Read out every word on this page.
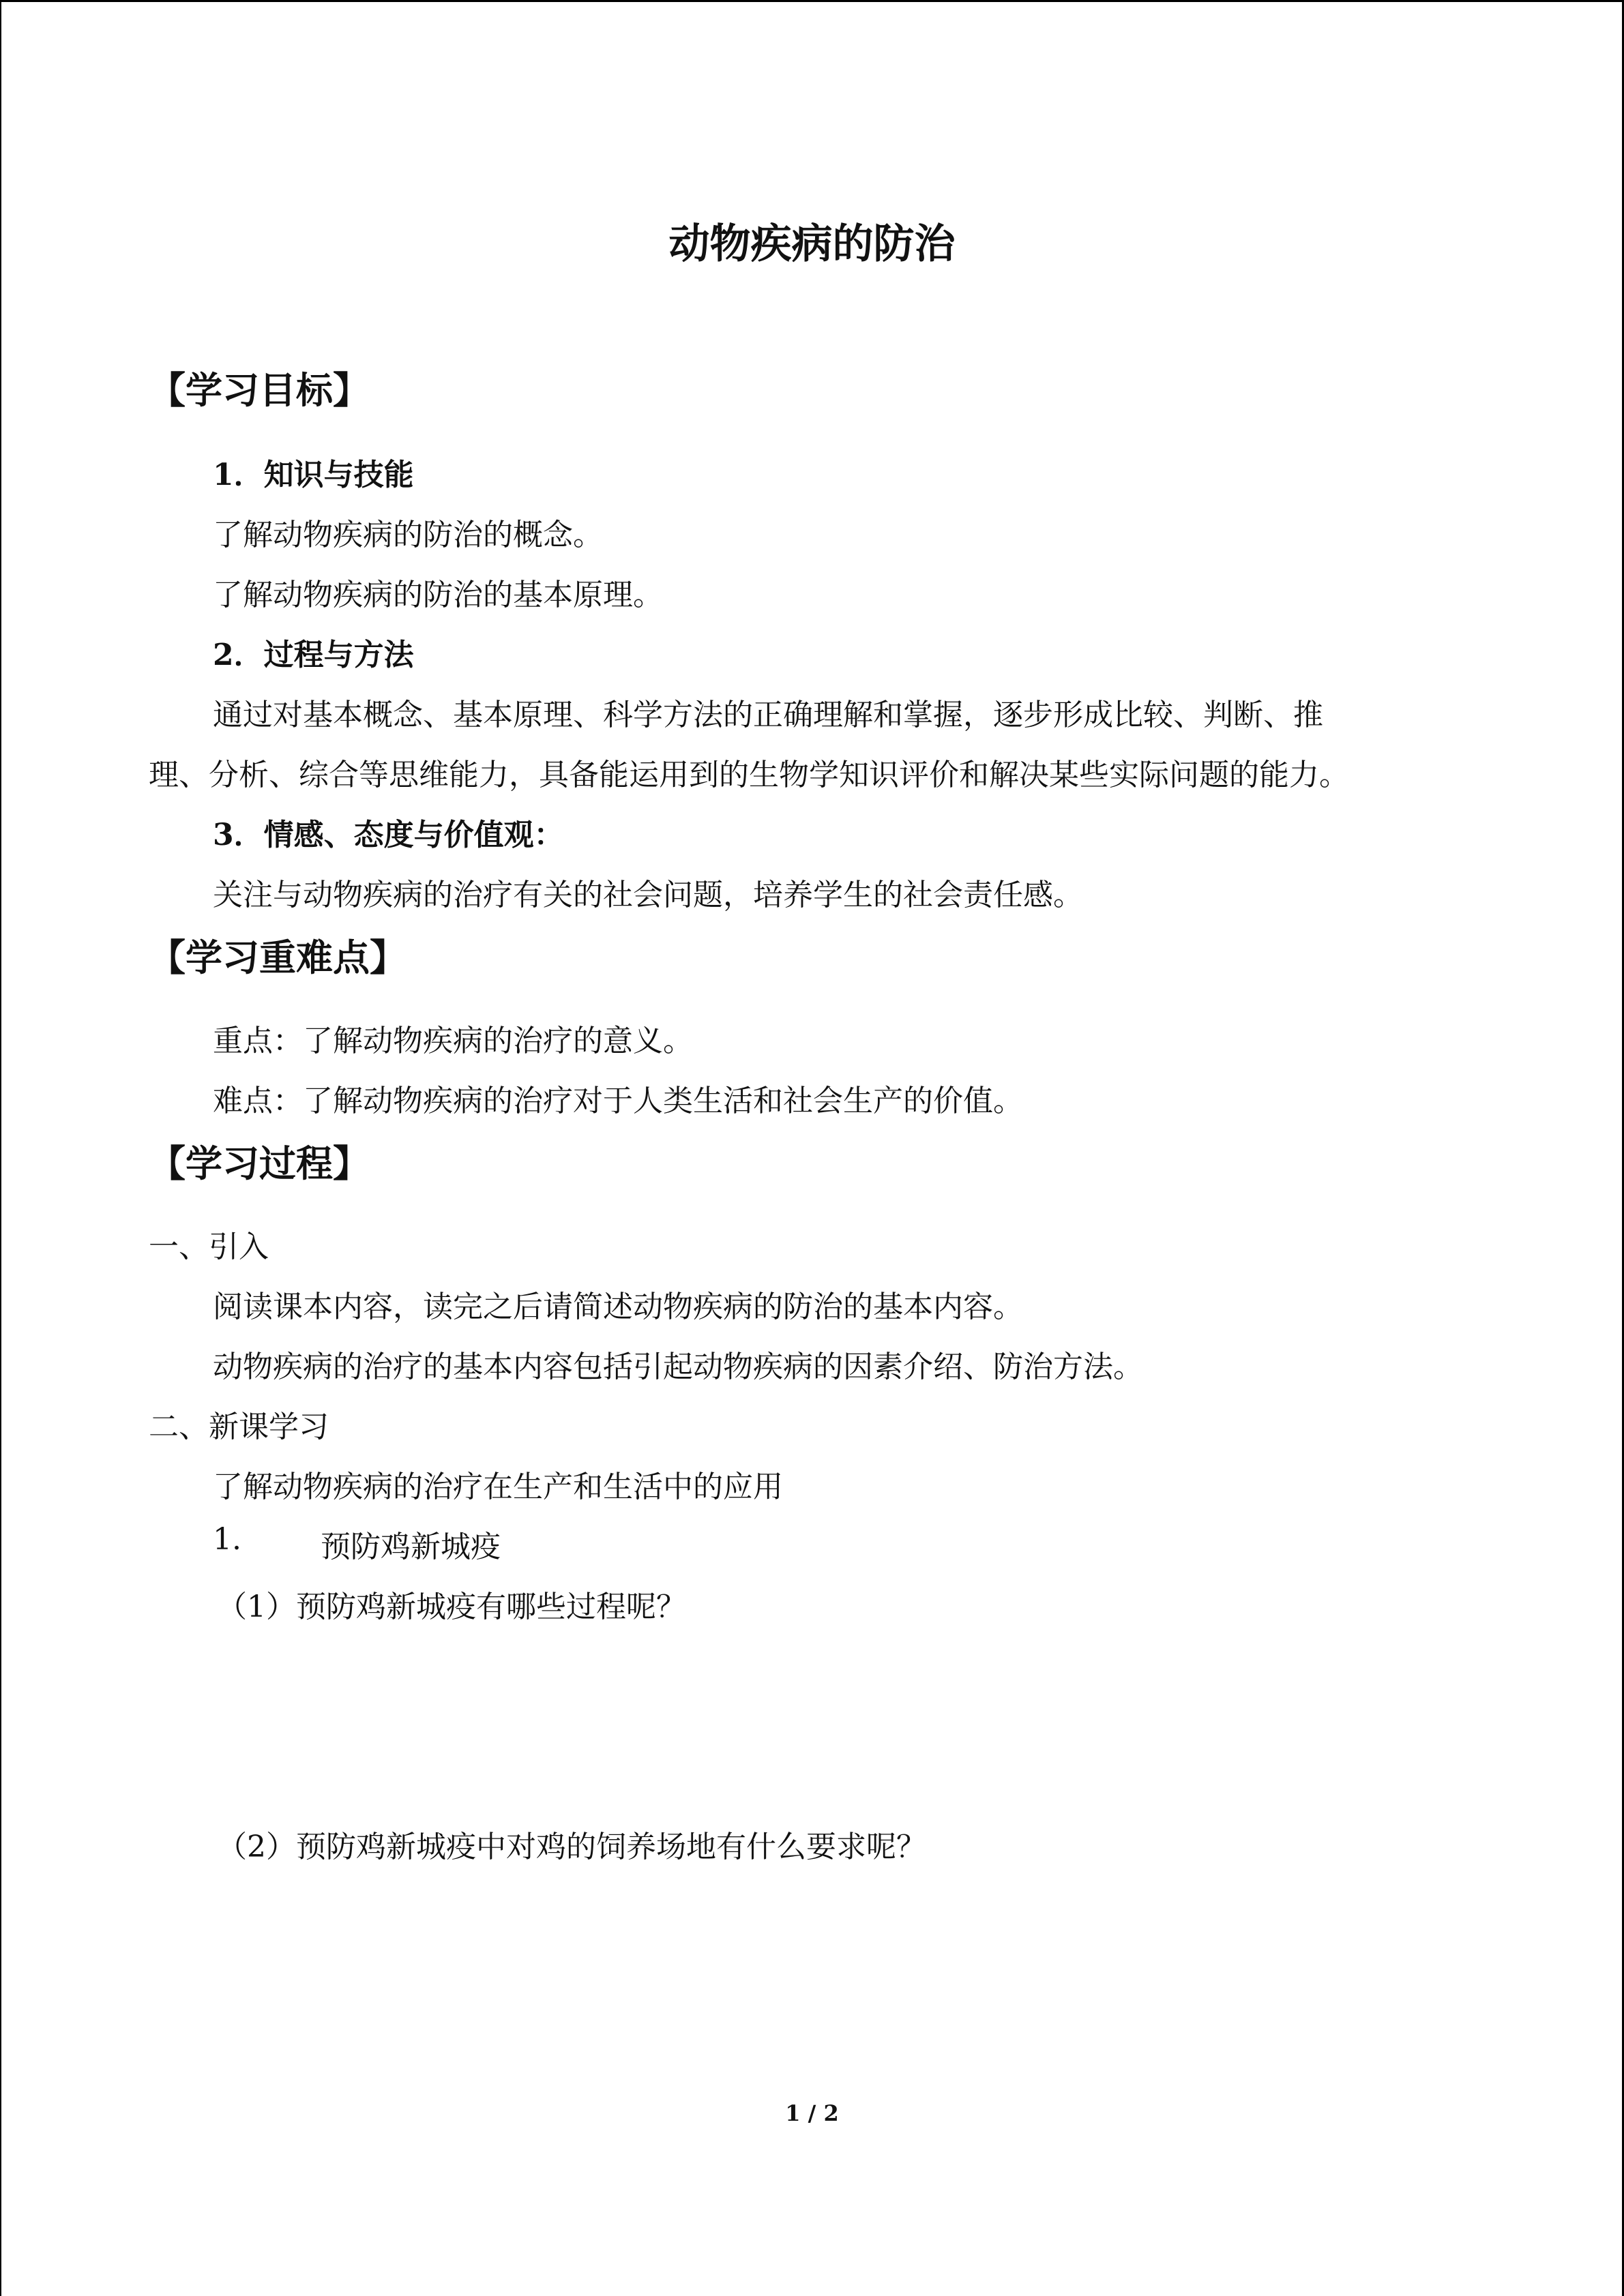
动物疾病的防治
【学习目标】
1．知识与技能
了解动物疾病的防治的概念。
了解动物疾病的防治的基本原理。
2．过程与方法
通过对基本概念、基本原理、科学方法的正确理解和掌握，逐步形成比较、判断、推
理、分析、综合等思维能力，具备能运用到的生物学知识评价和解决某些实际问题的能力。
3．情感、态度与价值观：
关注与动物疾病的治疗有关的社会问题，培养学生的社会责任感。
【学习重难点】
重点：了解动物疾病的治疗的意义。
难点：了解动物疾病的治疗对于人类生活和社会生产的价值。
【学习过程】
一、引入
阅读课本内容，读完之后请简述动物疾病的防治的基本内容。
动物疾病的治疗的基本内容包括引起动物疾病的因素介绍、防治方法。
二、新课学习
了解动物疾病的治疗在生产和生活中的应用
1.	预防鸡新城疫
（1）预防鸡新城疫有哪些过程呢？
（2）预防鸡新城疫中对鸡的饲养场地有什么要求呢？
1 / 2
